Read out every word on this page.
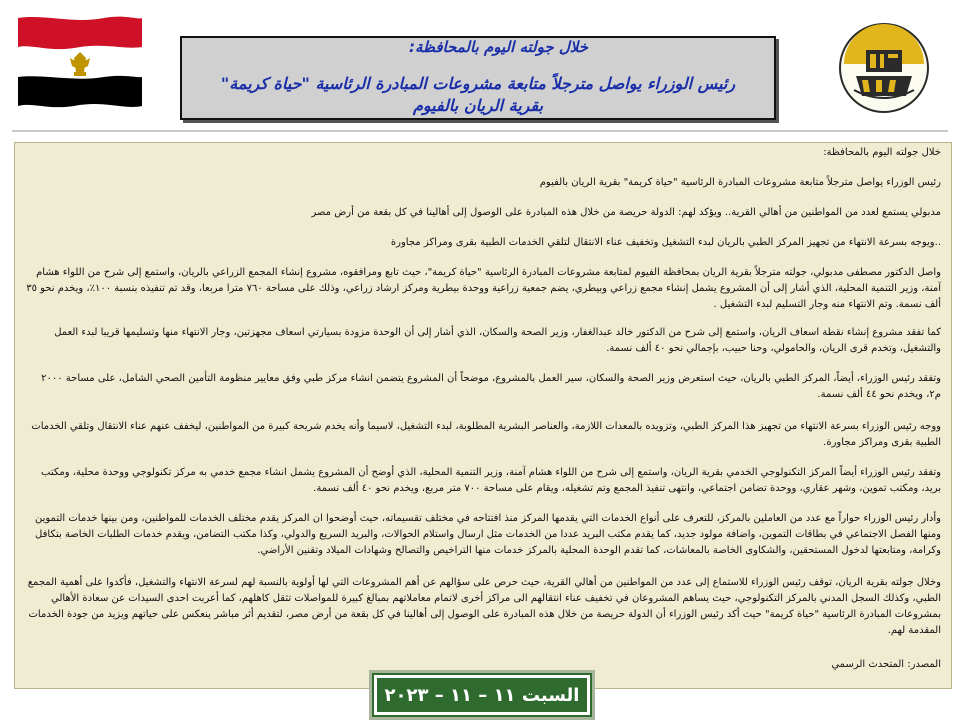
خلال جولته اليوم بالمحافظة:
رئيس الوزراء يواصل مترجلاً متابعة مشروعات المبادرة الرئاسية "حياة كريمة"
بقرية الريان بالفيوم

خلال جولته اليوم بالمحافظة:

رئيس الوزراء يواصل مترجلاً متابعة مشروعات المبادرة الرئاسية "حياة كريمة" بقرية الريان بالفيوم

مدبولي يستمع لعدد من المواطنين من أهالي القرية.. ويؤكد لهم: الدولة حريصة من خلال هذه المبادرة على الوصول إلى أهالينا في كل بقعة من أرض مصر

..ويوجه بسرعة الانتهاء من تجهيز المركز الطبي بالريان لبدء التشغيل وتخفيف عناء الانتقال لتلقي الخدمات الطبية بقرى ومراكز مجاورة

واصل الدكتور مصطفى مدبولي، جولته مترجلاً بقرية الريان بمحافظة الفيوم لمتابعة مشروعات المبادرة الرئاسية "حياة كريمة"، حيث تابع ومرافقوه، مشروع إنشاء المجمع الزراعي بالريان، واستمع إلى شرح من اللواء هشام آمنة، وزير التنمية المحلية، الذي أشار إلى أن المشروع يشمل إنشاء مجمع زراعي وبيطري، يضم جمعية زراعية ووحدة بيطرية ومركز ارشاد زراعي، وذلك على مساحة ٧٦٠ مترا مربعا، وقد تم تنفيذه بنسبة ١٠٠٪، ويخدم نحو ٣٥ ألف نسمة. وتم الانتهاء منه وجار التسليم لبدء التشغيل .

كما تفقد مشروع إنشاء نقطة اسعاف الريان، واستمع إلى شرح من الدكتور خالد عبدالغفار، وزير الصحة والسكان، الذي أشار إلى أن الوحدة مزودة بسيارتي اسعاف مجهزتين، وجار الانتهاء منها وتسليمها قريبا لبدء العمل والتشغيل، وتخدم قرى الريان، والحامولي، وحنا حبيب، بإجمالي نحو ٤٠ ألف نسمة.

وتفقد رئيس الوزراء، أيضاً، المركز الطبي بالريان، حيث استعرض وزير الصحة والسكان، سير العمل بالمشروع، موضحاً أن المشروع يتضمن انشاء مركز طبي وفق معايير منظومة التأمين الصحي الشامل، على مساحة ٢٠٠٠ م٢، ويخدم نحو ٤٤ ألف نسمة.

ووجه رئيس الوزراء بسرعة الانتهاء من تجهيز هذا المركز الطبي، وتزويده بالمعدات اللازمة، والعناصر البشرية المطلوبة، لبدء التشغيل، لاسيما وأنه يخدم شريحة كبيرة من المواطنين، ليخفف عنهم عناء الانتقال وتلقي الخدمات الطبية بقرى ومراكز مجاورة.

وتفقد رئيس الوزراء أيضاً المركز التكنولوجي الخدمي بقرية الريان، واستمع إلى شرح من اللواء هشام آمنة، وزير التنمية المحلية، الذي أوضح أن المشروع يشمل انشاء مجمع خدمي به مركز تكنولوجي ووحدة محلية، ومكتب بريد، ومكتب تموين، وشهر عقاري، ووحدة تضامن اجتماعي، وانتهى تنفيذ المجمع وتم تشغيله، ويقام على مساحة ٧٠٠ متر مربع، ويخدم نحو ٤٠ ألف نسمة.

وأدار رئيس الوزراء حواراً مع عدد من العاملين بالمركز، للتعرف على أنواع الخدمات التي يقدمها المركز منذ افتتاحه في مختلف تقسيماته، حيث أوضحوا ان المركز يقدم مختلف الخدمات للمواطنين، ومن بينها خدمات التموين ومنها الفصل الاجتماعي في بطاقات التموين، واضافة مولود جديد، كما يقدم مكتب البريد عددا من الخدمات مثل ارسال واستلام الحوالات، والبريد السريع والدولي، وكذا مكتب التضامن، ويقدم خدمات الطلبات الخاصة بتكافل وكرامة، ومتابعتها لدخول المستحقين، والشكاوى الخاصة بالمعاشات، كما تقدم الوحدة المحلية بالمركز خدمات منها التراخيص والتصالح وشهادات الميلاد وتقنين الأراضي.

وخلال جولته بقرية الريان، توقف رئيس الوزراء للاستماع إلى عدد من المواطنين من أهالي القرية، حيث حرص على سؤالهم عن أهم المشروعات التي لها أولوية بالنسبة لهم لسرعة الانتهاء والتشغيل، فأكدوا على أهمية المجمع الطبي، وكذلك السجل المدني بالمركز التكنولوجي، حيث يساهم المشروعان في تخفيف عناء انتقالهم الى مراكز أخرى لاتمام معاملاتهم بمبالغ كبيرة للمواصلات تثقل كاهلهم، كما أعربت احدى السيدات عن سعادة الأهالي بمشروعات المبادرة الرئاسية "حياة كريمة" حيث أكد رئيس الوزراء أن الدولة حريصة من خلال هذه المبادرة على الوصول إلى أهالينا في كل بقعة من أرض مصر، لتقديم أثر مباشر ينعكس على حياتهم ويزيد من جودة الخدمات المقدمة لهم.

المصدر: المتحدث الرسمي

السبت ١١ – ١١ – ٢٠٢٣
